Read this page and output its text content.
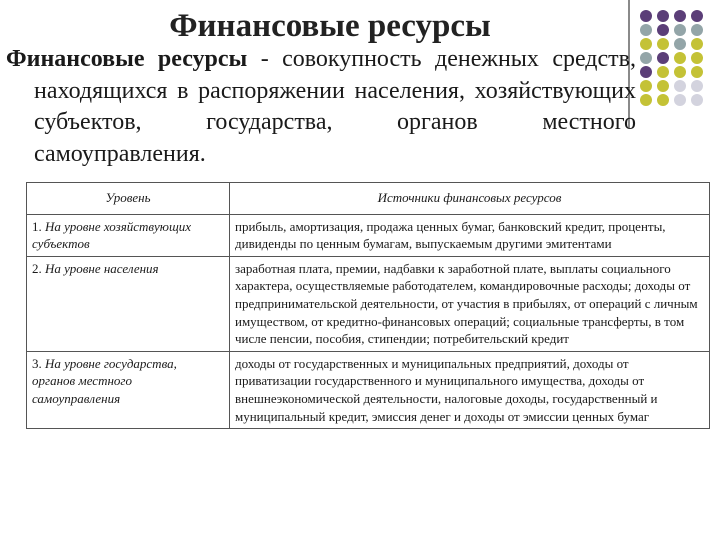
Финансовые ресурсы

Финансовые ресурсы - совокупность денежных средств, находящихся в распоряжении населения, хозяйствующих субъектов, государства, органов местного самоуправления.

Уровень	Источники финансовых ресурсов
1. На уровне хозяйствующих субъектов	прибыль, амортизация, продажа ценных бумаг, банковский кредит, проценты, дивиденды по ценным бумагам, выпускаемым другими эмитентами
2. На уровне населения	заработная плата, премии, надбавки к заработной плате, выплаты социального характера, осуществляемые работодателем, командировочные расходы; доходы от предпринимательской деятельности, от участия в прибылях, от операций с личным имуществом, от кредитно-финансовых операций; социальные трансферты, в том числе пенсии, пособия, стипендии; потребительский кредит
3. На уровне государства, органов местного самоуправления	доходы от государственных и муниципальных предприятий, доходы от приватизации государственного и муниципального имущества, доходы от внешнеэкономической деятельности, налоговые доходы, государственный и муниципальный кредит, эмиссия денег и доходы от эмиссии ценных бумаг
